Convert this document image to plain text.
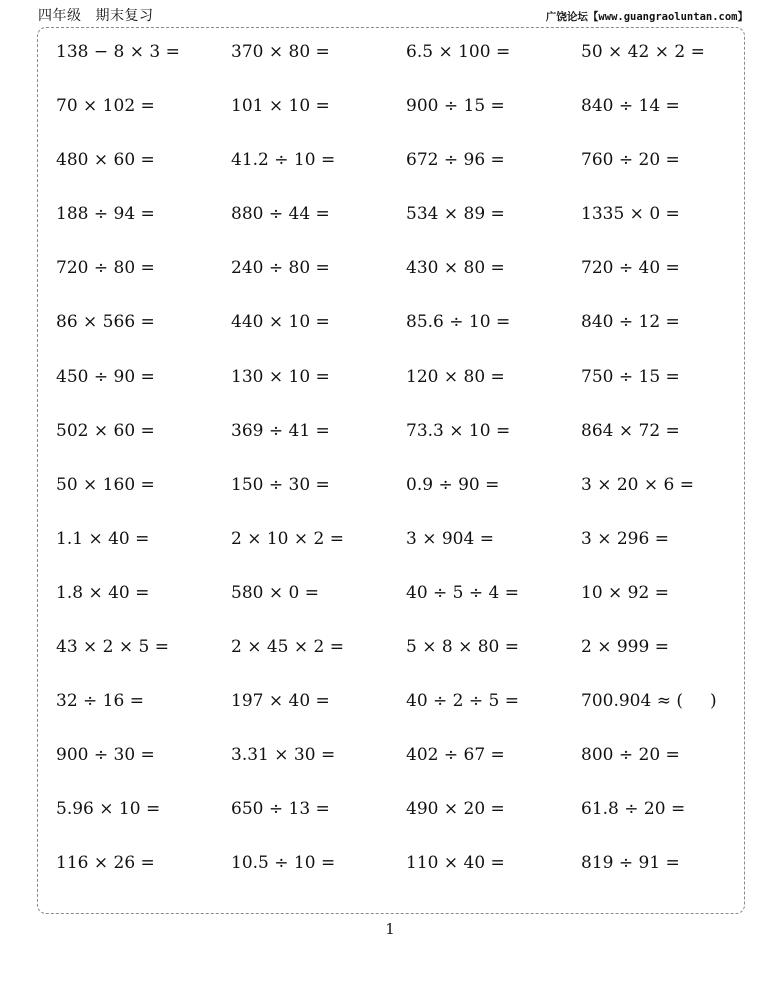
四年级 期末复习	广饶论坛【www.guangraoluntan.com】
138 − 8 × 3 =	370 × 80 =	6.5 × 100 =	50 × 42 × 2 =
70 × 102 =	101 × 10 =	900 ÷ 15 =	840 ÷ 14 =
480 × 60 =	41.2 ÷ 10 =	672 ÷ 96 =	760 ÷ 20 =
188 ÷ 94 =	880 ÷ 44 =	534 × 89 =	1335 × 0 =
720 ÷ 80 =	240 ÷ 80 =	430 × 80 =	720 ÷ 40 =
86 × 566 =	440 × 10 =	85.6 ÷ 10 =	840 ÷ 12 =
450 ÷ 90 =	130 × 10 =	120 × 80 =	750 ÷ 15 =
502 × 60 =	369 ÷ 41 =	73.3 × 10 =	864 × 72 =
50 × 160 =	150 ÷ 30 =	0.9 ÷ 90 =	3 × 20 × 6 =
1.1 × 40 =	2 × 10 × 2 =	3 × 904 =	3 × 296 =
1.8 × 40 =	580 × 0 =	40 ÷ 5 ÷ 4 =	10 × 92 =
43 × 2 × 5 =	2 × 45 × 2 =	5 × 8 × 80 =	2 × 999 =
32 ÷ 16 =	197 × 40 =	40 ÷ 2 ÷ 5 =	700.904 ≈ (     )
900 ÷ 30 =	3.31 × 30 =	402 ÷ 67 =	800 ÷ 20 =
5.96 × 10 =	650 ÷ 13 =	490 × 20 =	61.8 ÷ 20 =
116 × 26 =	10.5 ÷ 10 =	110 × 40 =	819 ÷ 91 =
1
